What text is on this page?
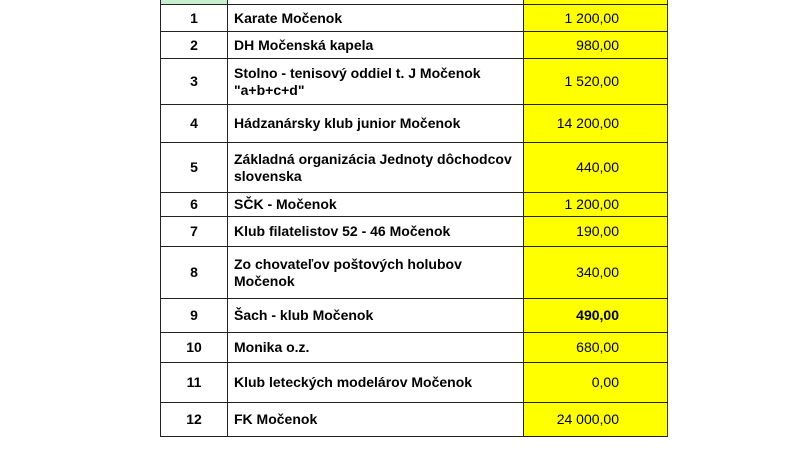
1	Karate Močenok	1 200,00
2	DH Močenská kapela	980,00
3	Stolno - tenisový oddiel t. J Močenok "a+b+c+d"	1 520,00
4	Hádzanársky klub junior Močenok	14 200,00
5	Základná organizácia Jednoty dôchodcov slovenska	440,00
6	SČK - Močenok	1 200,00
7	Klub filatelistov 52 - 46 Močenok	190,00
8	Zo chovateľov poštových holubov Močenok	340,00
9	Šach - klub Močenok	490,00
10	Monika o.z.	680,00
11	Klub leteckých modelárov Močenok	0,00
12	FK Močenok	24 000,00
